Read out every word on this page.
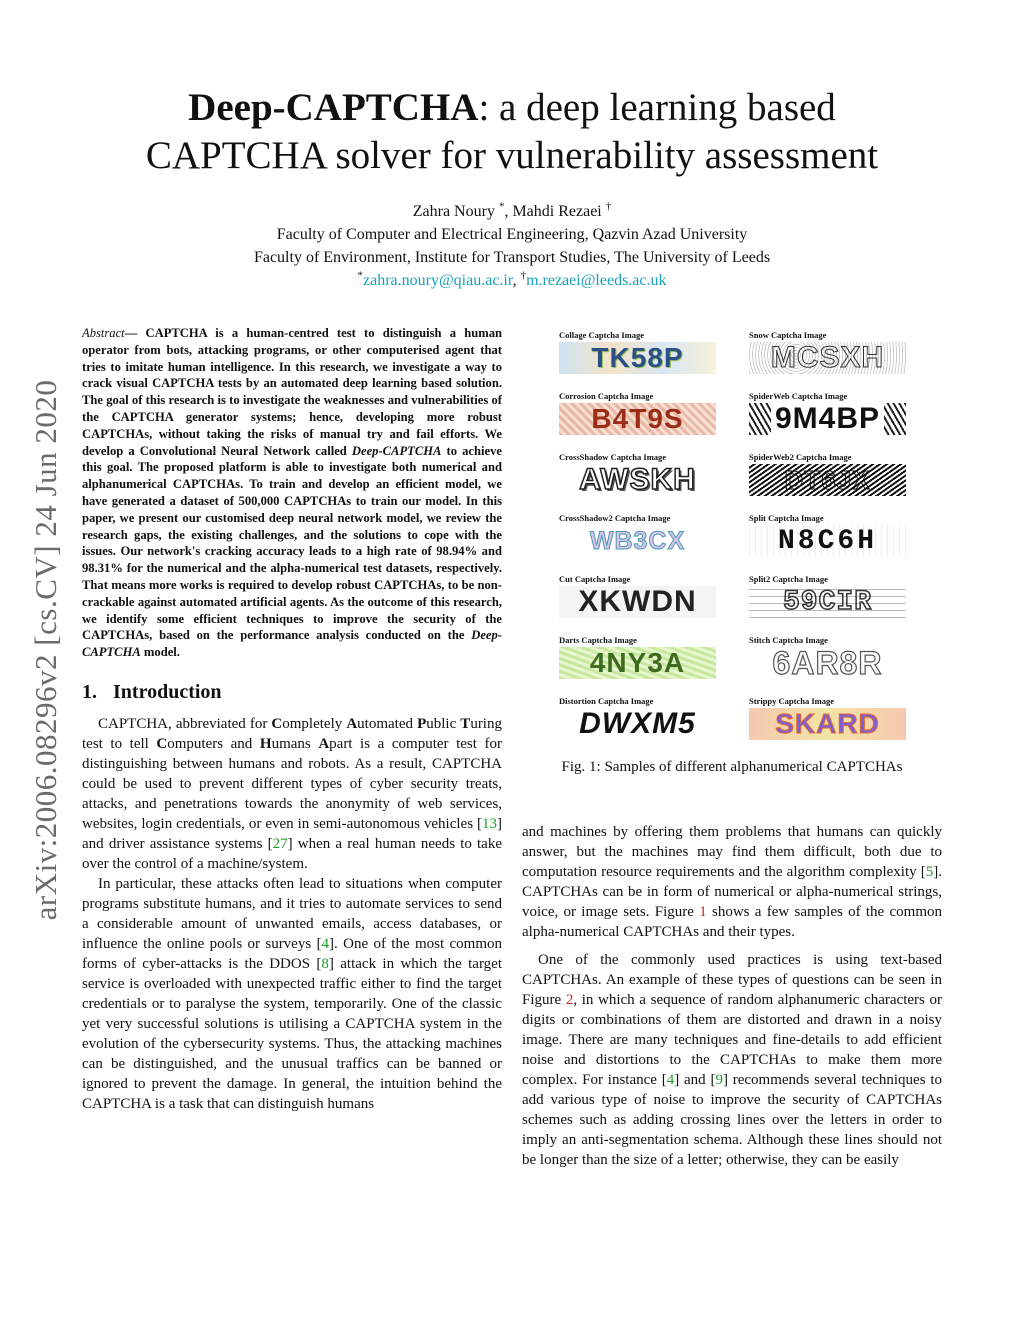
arXiv:2006.08296v2 [cs.CV] 24 Jun 2020
Deep-CAPTCHA: a deep learning based
CAPTCHA solver for vulnerability assessment
Zahra Noury *, Mahdi Rezaei †
Faculty of Computer and Electrical Engineering, Qazvin Azad University
Faculty of Environment, Institute for Transport Studies, The University of Leeds
*zahra.noury@qiau.ac.ir, †m.rezaei@leeds.ac.uk

Abstract— CAPTCHA is a human-centred test to distinguish a human operator from bots, attacking programs, or other computerised agent that tries to imitate human intelligence. In this research, we investigate a way to crack visual CAPTCHA tests by an automated deep learning based solution. The goal of this research is to investigate the weaknesses and vulnerabilities of the CAPTCHA generator systems; hence, developing more robust CAPTCHAs, without taking the risks of manual try and fail efforts. We develop a Convolutional Neural Network called Deep-CAPTCHA to achieve this goal. The proposed platform is able to investigate both numerical and alphanumerical CAPTCHAs. To train and develop an efficient model, we have generated a dataset of 500,000 CAPTCHAs to train our model. In this paper, we present our customised deep neural network model, we review the research gaps, the existing challenges, and the solutions to cope with the issues. Our network's cracking accuracy leads to a high rate of 98.94% and 98.31% for the numerical and the alpha-numerical test datasets, respectively. That means more works is required to develop robust CAPTCHAs, to be non-crackable against automated artificial agents. As the outcome of this research, we identify some efficient techniques to improve the security of the CAPTCHAs, based on the performance analysis conducted on the Deep-CAPTCHA model.

1. Introduction

CAPTCHA, abbreviated for Completely Automated Public Turing test to tell Computers and Humans Apart is a computer test for distinguishing between humans and robots. As a result, CAPTCHA could be used to prevent different types of cyber security treats, attacks, and penetrations towards the anonymity of web services, websites, login credentials, or even in semi-autonomous vehicles [13] and driver assistance systems [27] when a real human needs to take over the control of a machine/system.

In particular, these attacks often lead to situations when computer programs substitute humans, and it tries to automate services to send a considerable amount of unwanted emails, access databases, or influence the online pools or surveys [4]. One of the most common forms of cyber-attacks is the DDOS [8] attack in which the target service is overloaded with unexpected traffic either to find the target credentials or to paralyse the system, temporarily. One of the classic yet very successful solutions is utilising a CAPTCHA system in the evolution of the cybersecurity systems. Thus, the attacking machines can be distinguished, and the unusual traffics can be banned or ignored to prevent the damage. In general, the intuition behind the CAPTCHA is a task that can distinguish humans

Collage Captcha Image
TK58P
Snow Captcha Image
MCSXH
Corrosion Captcha Image
B4T9S
SpiderWeb Captcha Image
9M4BP
CrossShadow Captcha Image
AWSKH
SpiderWeb2 Captcha Image
DT6JX
CrossShadow2 Captcha Image
WB3CX
Split Captcha Image
N8C6H
Cut Captcha Image
XKWDN
Split2 Captcha Image
59CIR
Darts Captcha Image
4NY3A
Stitch Captcha Image
6AR8R
Distortion Captcha Image
DWXM5
Strippy Captcha Image
SKARD
Fig. 1: Samples of different alphanumerical CAPTCHAs

and machines by offering them problems that humans can quickly answer, but the machines may find them difficult, both due to computation resource requirements and the algorithm complexity [5]. CAPTCHAs can be in form of numerical or alpha-numerical strings, voice, or image sets. Figure 1 shows a few samples of the common alpha-numerical CAPTCHAs and their types.

One of the commonly used practices is using text-based CAPTCHAs. An example of these types of questions can be seen in Figure 2, in which a sequence of random alphanumeric characters or digits or combinations of them are distorted and drawn in a noisy image. There are many techniques and fine-details to add efficient noise and distortions to the CAPTCHAs to make them more complex. For instance [4] and [9] recommends several techniques to add various type of noise to improve the security of CAPTCHAs schemes such as adding crossing lines over the letters in order to imply an anti-segmentation schema. Although these lines should not be longer than the size of a letter; otherwise, they can be easily
